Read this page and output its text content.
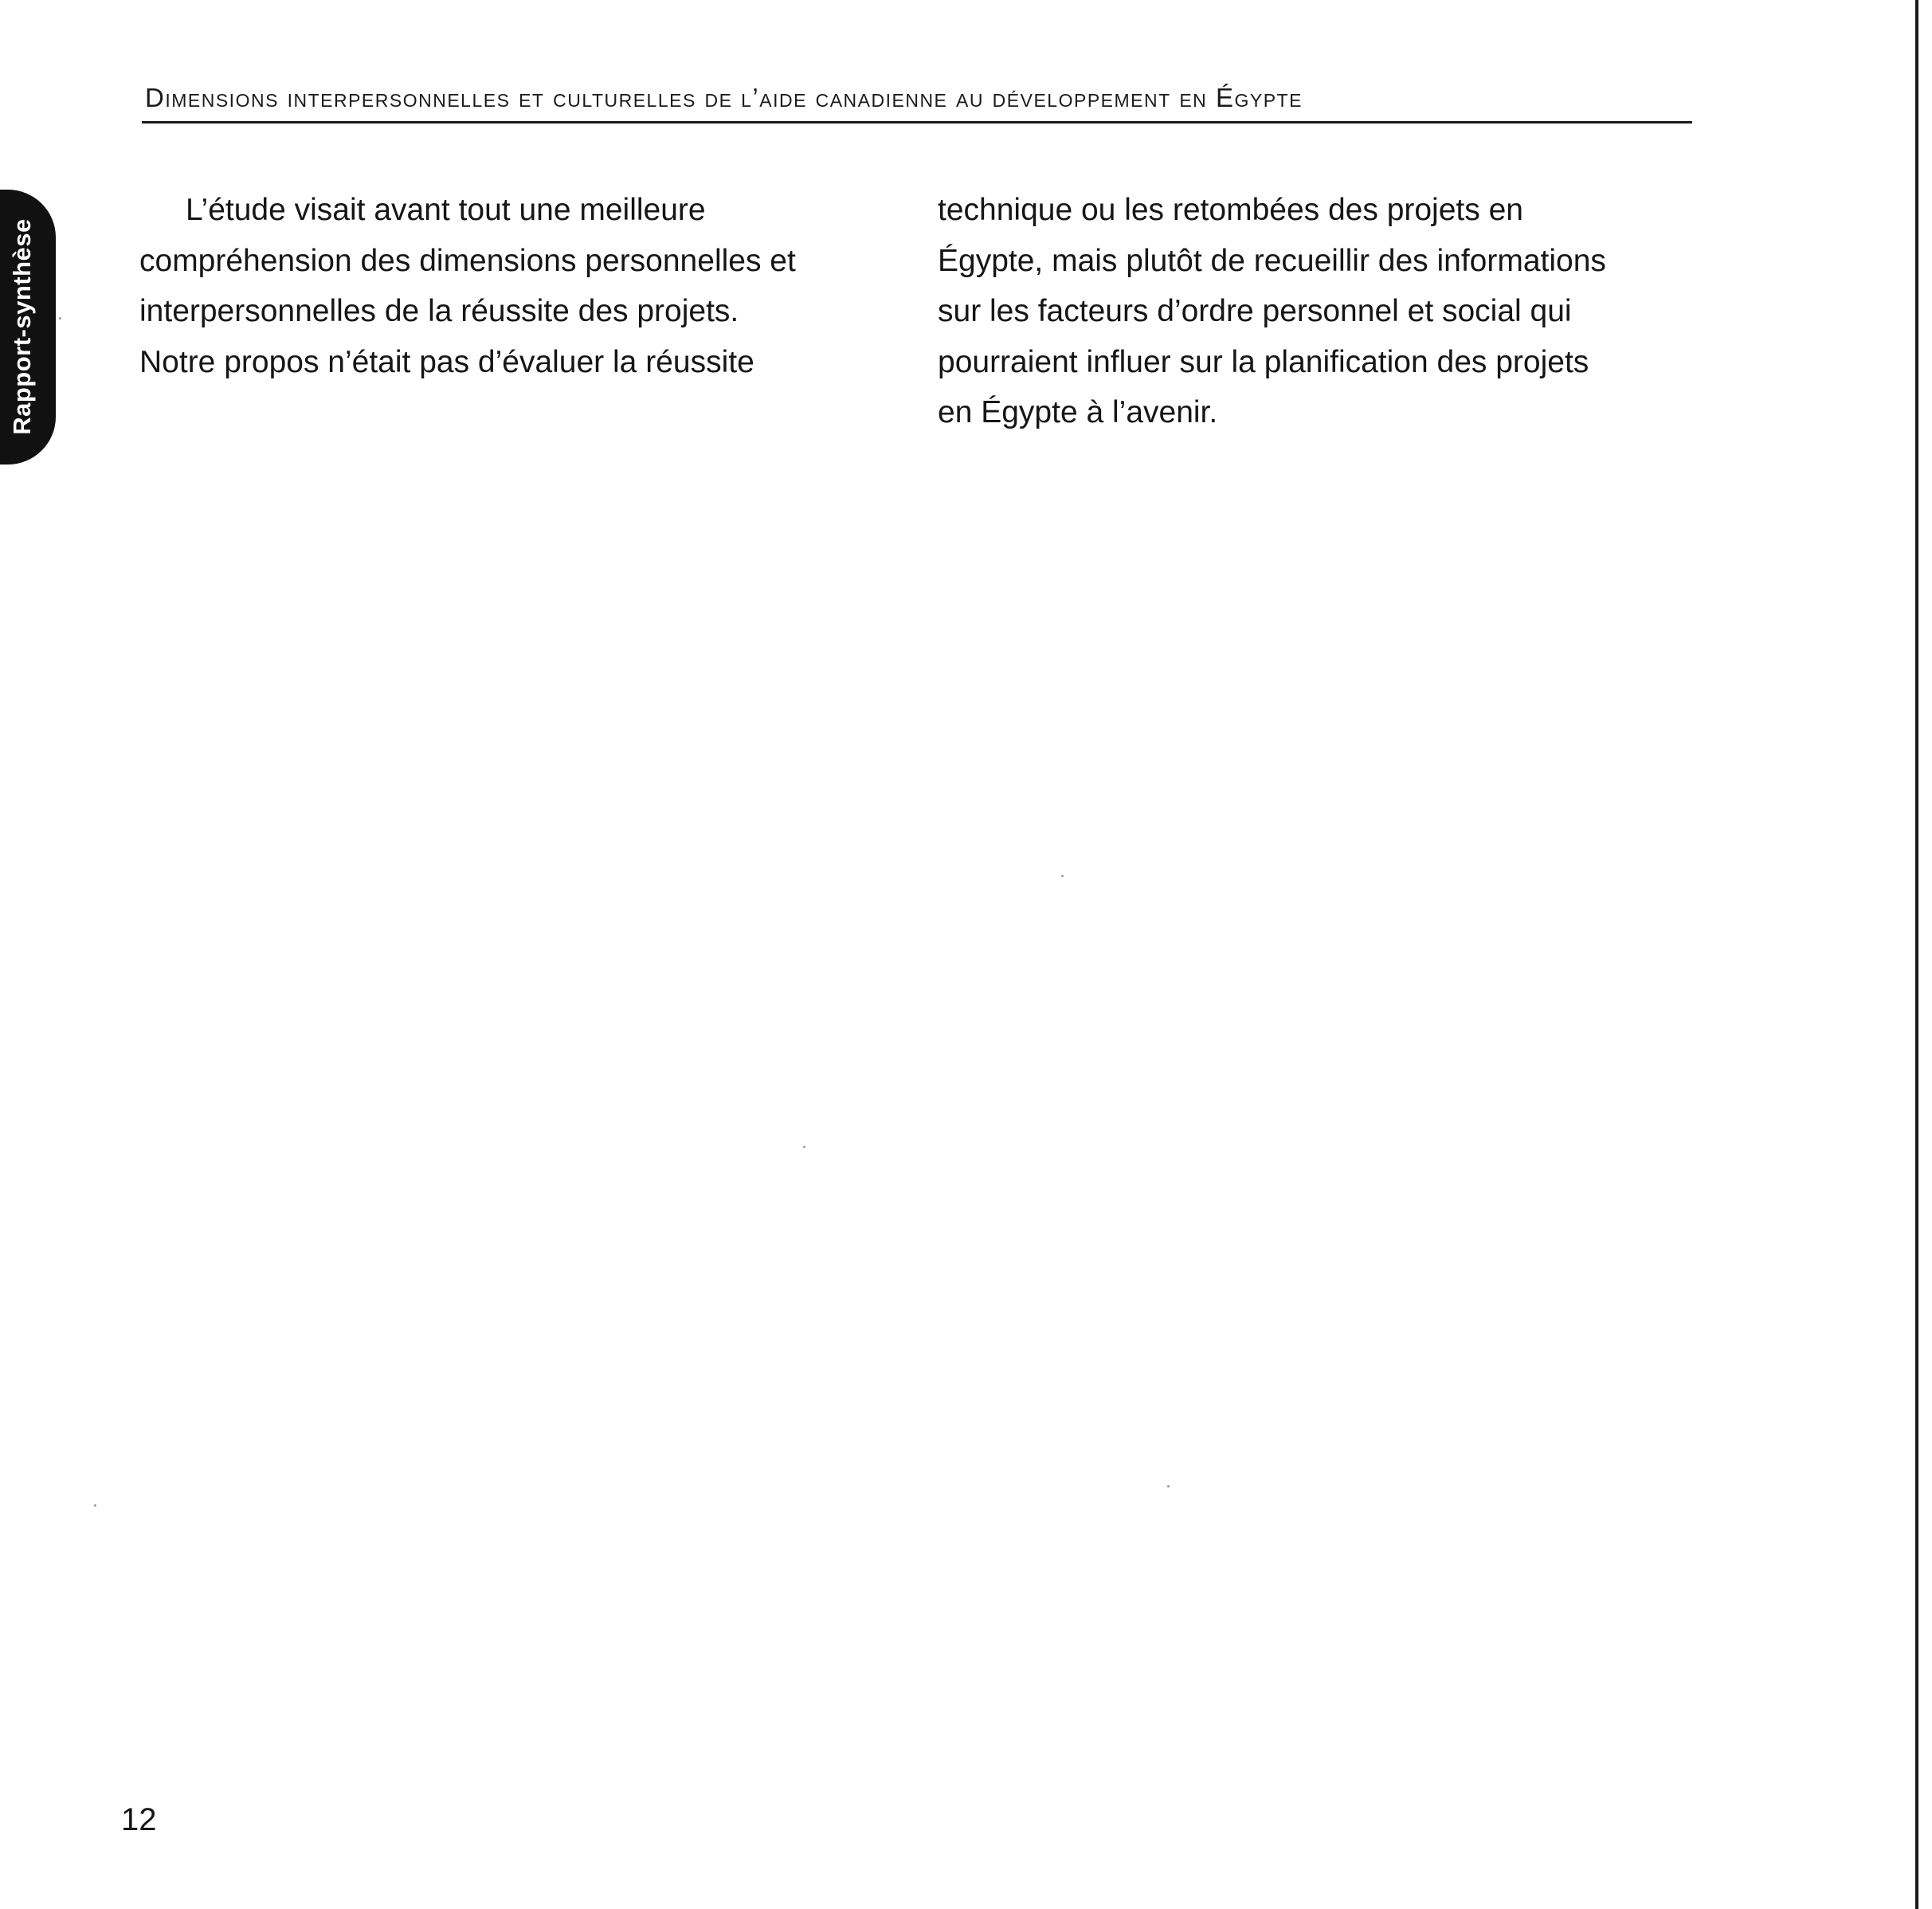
Dimensions interpersonnelles et culturelles de l’aide canadienne au développement en Égypte
Rapport-synthèse
L’étude visait avant tout une meilleure
compréhension des dimensions personnelles et
interpersonnelles de la réussite des projets.
Notre propos n’était pas d’évaluer la réussite
technique ou les retombées des projets en
Égypte, mais plutôt de recueillir des informations
sur les facteurs d’ordre personnel et social qui
pourraient influer sur la planification des projets
en Égypte à l’avenir.
12
